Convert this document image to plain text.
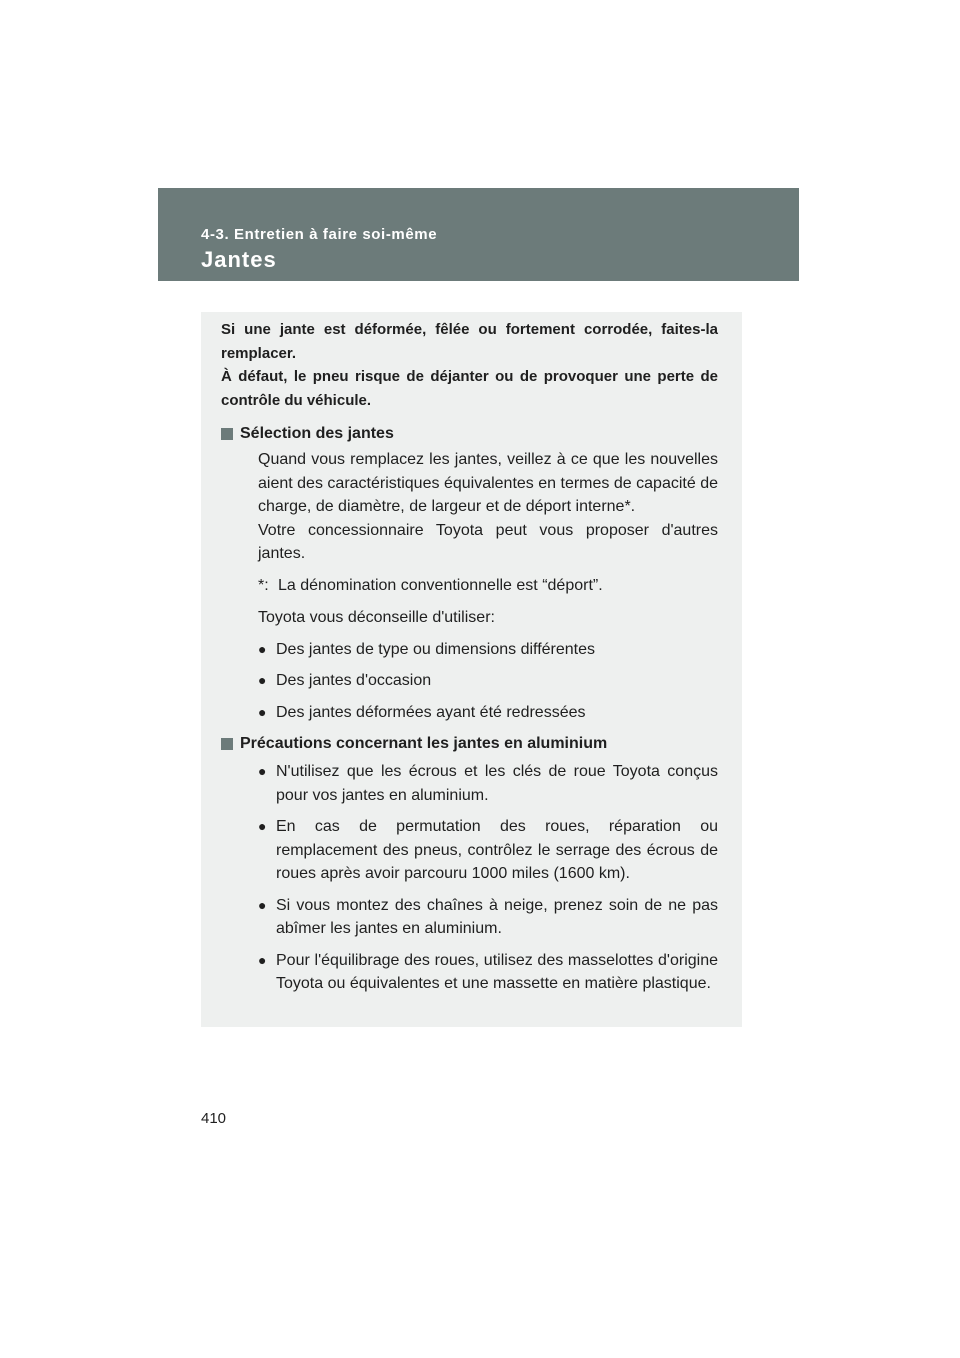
4-3. Entretien à faire soi-même
Jantes

Si une jante est déformée, fêlée ou fortement corrodée, faites-la remplacer.
À défaut, le pneu risque de déjanter ou de provoquer une perte de contrôle du véhicule.

Sélection des jantes

Quand vous remplacez les jantes, veillez à ce que les nouvelles aient des caractéristiques équivalentes en termes de capacité de charge, de diamètre, de largeur et de déport interne*.

Votre concessionnaire Toyota peut vous proposer d'autres jantes.

*: La dénomination conventionnelle est “déport”.

Toyota vous déconseille d'utiliser:

● Des jantes de type ou dimensions différentes
● Des jantes d'occasion
● Des jantes déformées ayant été redressées
Précautions concernant les jantes en aluminium
● N'utilisez que les écrous et les clés de roue Toyota conçus pour vos jantes en aluminium.
● En cas de permutation des roues, réparation ou remplacement des pneus, contrôlez le serrage des écrous de roues après avoir parcouru 1000 miles (1600 km).
● Si vous montez des chaînes à neige, prenez soin de ne pas abîmer les jantes en aluminium.
● Pour l'équilibrage des roues, utilisez des masselottes d'origine Toyota ou équivalentes et une massette en matière plastique.
410
